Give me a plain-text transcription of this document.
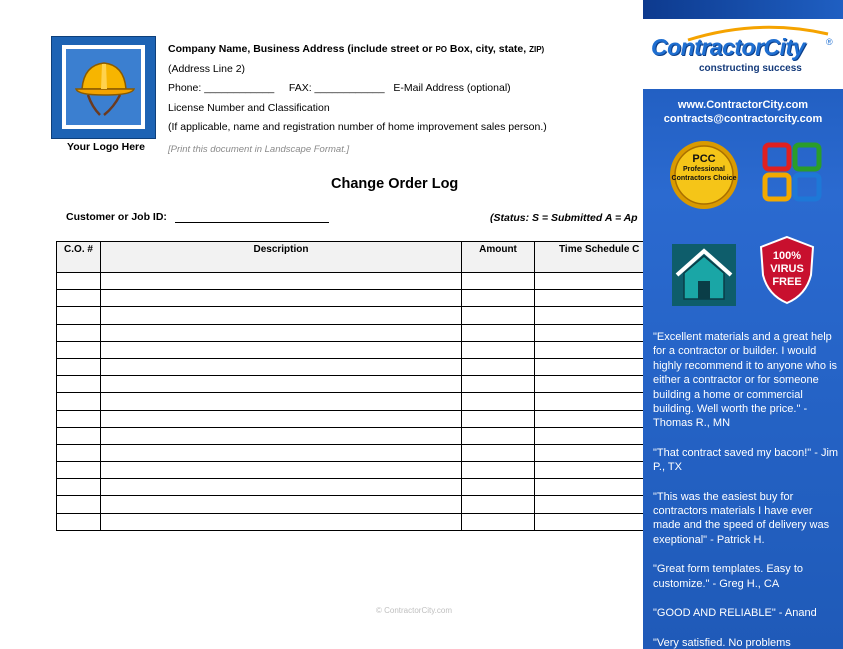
Your Logo Here
Company Name, Business Address (include street or PO Box, city, state, ZIP)
(Address Line 2)
Phone: ____________     FAX: ____________   E-Mail Address (optional)
License Number and Classification
(If applicable, name and registration number of home improvement sales person.)
[Print this document in Landscape Format.]
Change Order Log
Customer or Job ID:	(Status: S = Submitted A = Ap
C.O. #	Description	Amount	Time Schedule C

© ContractorCity.com
ContractorCity ®
constructing success
www.ContractorCity.com
contracts@contractorcity.com
PCC
Professional Contractors Choice
100%
VIRUS
FREE

"Excellent materials and a great help for a contractor or builder. I would highly recommend it to anyone who is either a contractor or for someone building a home or commercial building. Well worth the price." - Thomas R., MN

"That contract saved my bacon!" - Jim P., TX

"This was the easiest buy for contractors materials I have ever made and the speed of delivery was exeptional" - Patrick H.

"Great form templates. Easy to customize." - Greg H., CA

"GOOD AND RELIABLE" - Anand

"Very satisfied. No problems
